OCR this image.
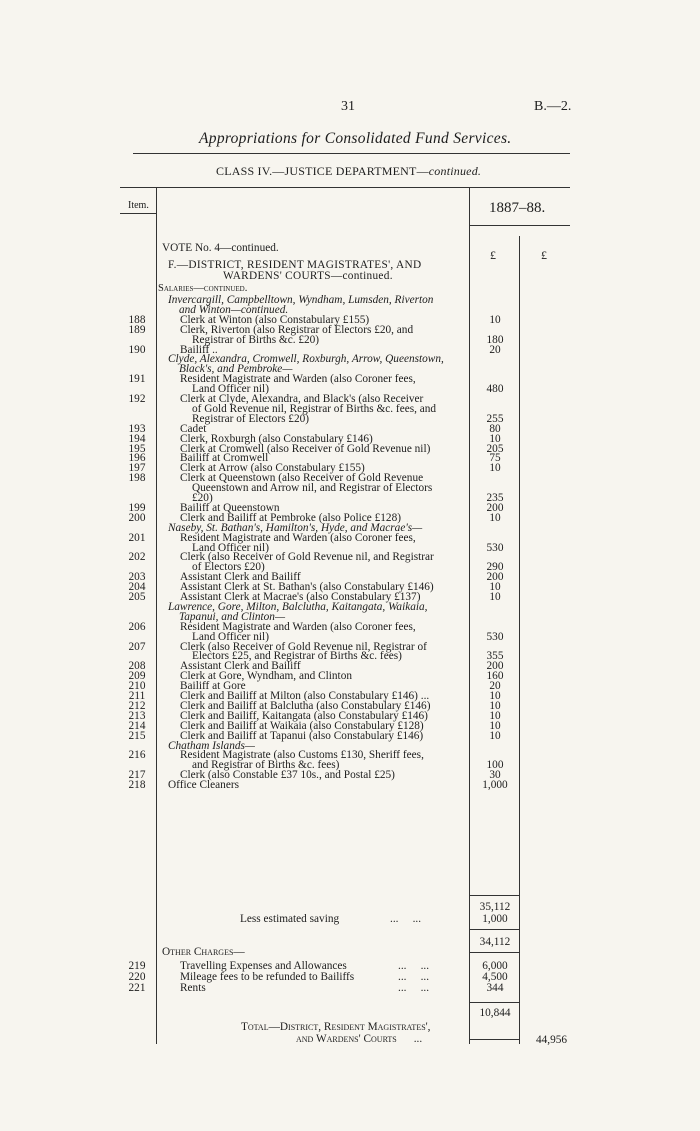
31	B.—2.
Appropriations for Consolidated Fund Services.
CLASS IV.—JUSTICE DEPARTMENT—continued.
Item.	1887–88.
£	£
VOTE No. 4—continued.
F.—DISTRICT, RESIDENT MAGISTRATES', AND
WARDENS' COURTS—continued.
Salaries—continued.
Invercargill, Campbelltown, Wyndham, Lumsden, Riverton
and Winton—continued.
188	Clerk at Winton (also Constabulary £155)	10
189	Clerk, Riverton (also Registrar of Electors £20, and
Registrar of Births &c. £20)	180
190	Bailiff ..	20
Clyde, Alexandra, Cromwell, Roxburgh, Arrow, Queenstown,
Black's, and Pembroke—
191	Resident Magistrate and Warden (also Coroner fees,
Land Officer nil)	480
192	Clerk at Clyde, Alexandra, and Black's (also Receiver
of Gold Revenue nil, Registrar of Births &c. fees, and
Registrar of Electors £20)	255
193	Cadet	80
194	Clerk, Roxburgh (also Constabulary £146)	10
195	Clerk at Cromwell (also Receiver of Gold Revenue nil)	205
196	Bailiff at Cromwell	75
197	Clerk at Arrow (also Constabulary £155)	10
198	Clerk at Queenstown (also Receiver of Gold Revenue
Queenstown and Arrow nil, and Registrar of Electors
£20)	235
199	Bailiff at Queenstown	200
200	Clerk and Bailiff at Pembroke (also Police £128)	10
Naseby, St. Bathan's, Hamilton's, Hyde, and Macrae's—
201	Resident Magistrate and Warden (also Coroner fees,
Land Officer nil)	530
202	Clerk (also Receiver of Gold Revenue nil, and Registrar
of Electors £20)	290
203	Assistant Clerk and Bailiff	200
204	Assistant Clerk at St. Bathan's (also Constabulary £146)	10
205	Assistant Clerk at Macrae's (also Constabulary £137)	10
Lawrence, Gore, Milton, Balclutha, Kaitangata, Waikaia,
Tapanui, and Clinton—
206	Resident Magistrate and Warden (also Coroner fees,
Land Officer nil)	530
207	Clerk (also Receiver of Gold Revenue nil, Registrar of
Electors £25, and Registrar of Births &c. fees)	355
208	Assistant Clerk and Bailiff	200
209	Clerk at Gore, Wyndham, and Clinton	160
210	Bailiff at Gore	20
211	Clerk and Bailiff at Milton (also Constabulary £146) ...	10
212	Clerk and Bailiff at Balclutha (also Constabulary £146)	10
213	Clerk and Bailiff, Kaitangata (also Constabulary £146)	10
214	Clerk and Bailiff at Waikaia (also Constabulary £128)	10
215	Clerk and Bailiff at Tapanui (also Constabulary £146)	10
Chatham Islands—
216	Resident Magistrate (also Customs £130, Sheriff fees,
and Registrar of Births &c. fees)	100
217	Clerk (also Constable £37 10s., and Postal £25)	30
218	Office Cleaners	1,000
35,112
Less estimated saving	...     ...	1,000
34,112
Other Charges—
219	Travelling Expenses and Allowances	...     ...	6,000
220	Mileage fees to be refunded to Bailiffs	...     ...	4,500
221	Rents	...     ...	344
10,844
Total—District, Resident Magistrates',
and Wardens' Courts      ...	44,956
